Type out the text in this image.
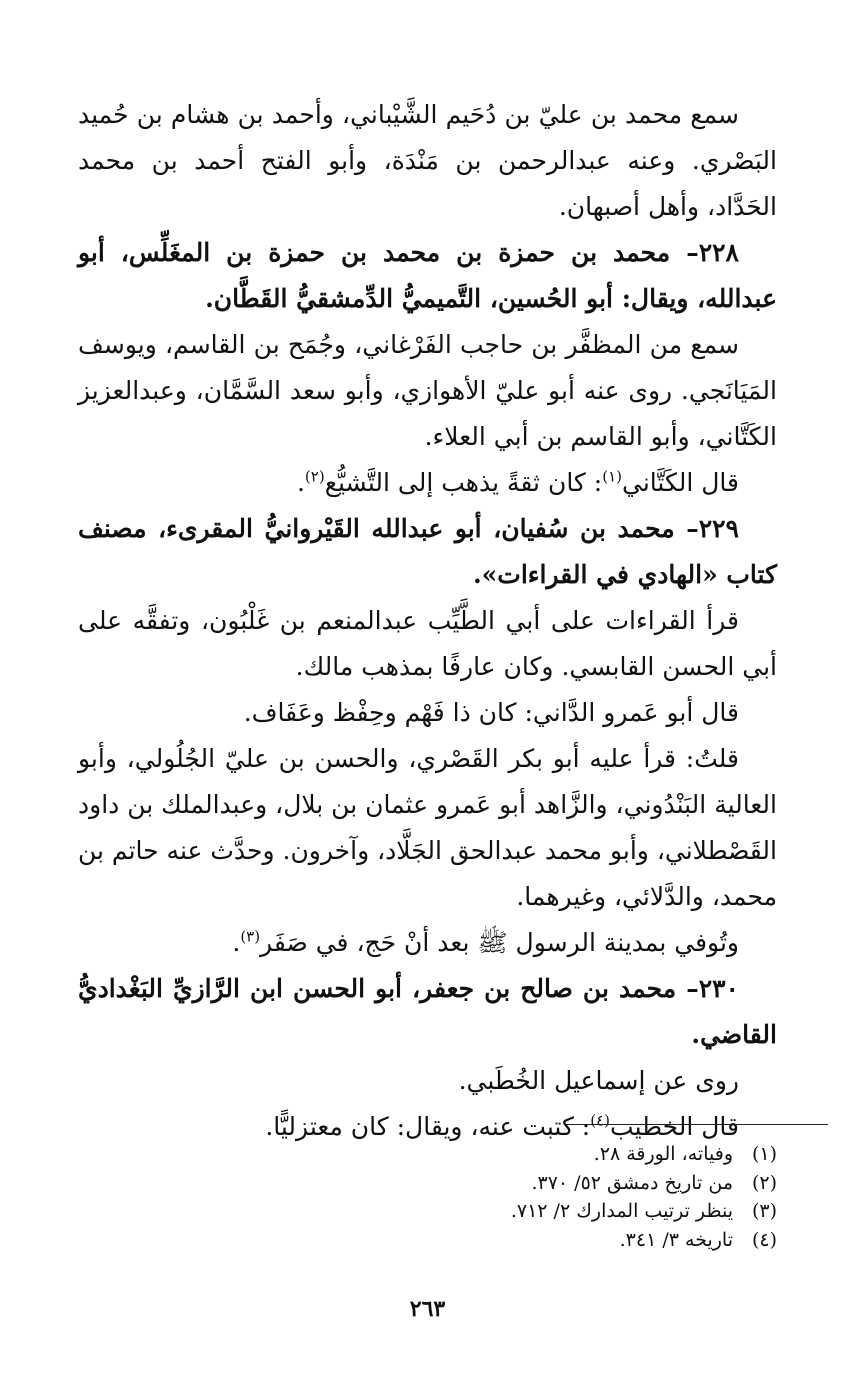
سمع محمد بن عليّ بن دُحَيم الشَّيْباني، وأحمد بن هشام بن حُميد البَصْري. وعنه عبدالرحمن بن مَنْدَة، وأبو الفتح أحمد بن محمد الحَدَّاد، وأهل أصبهان.

٢٢٨– محمد بن حمزة بن محمد بن حمزة بن المغَلِّس، أبو عبدالله، ويقال: أبو الحُسين، التَّميميُّ الدِّمشقيُّ القَطَّان.

سمع من المظفَّر بن حاجب الفَرْغاني، وجُمَح بن القاسم، ويوسف المَيَانَجي. روى عنه أبو عليّ الأهوازي، وأبو سعد السَّمَّان، وعبدالعزيز الكَتَّاني، وأبو القاسم بن أبي العلاء.

قال الكَتَّاني$^{(١)}$: كان ثقةً يذهب إلى التَّشيُّع$^{(٢)}$.

٢٢٩– محمد بن سُفيان، أبو عبدالله القَيْروانيُّ المقرىء، مصنف كتاب «الهادي في القراءات».

قرأ القراءات على أبي الطَّيِّب عبدالمنعم بن غَلْبُون، وتفقَّه على أبي الحسن القابسي. وكان عارفًا بمذهب مالك.

قال أبو عَمرو الدَّاني: كان ذا فَهْم وحِفْظ وعَفَاف.

قلتُ: قرأ عليه أبو بكر القَصْري، والحسن بن عليّ الجُلُولي، وأبو العالية البَنْدُوني، والزَّاهد أبو عَمرو عثمان بن بلال، وعبدالملك بن داود القَصْطلاني، وأبو محمد عبدالحق الجَلَّاد، وآخرون. وحدَّث عنه حاتم بن محمد، والدَّلائي، وغيرهما.

وتُوفي بمدينة الرسول ﷺ بعد أنْ حَج، في صَفَر$^{(٣)}$.

٢٣٠– محمد بن صالح بن جعفر، أبو الحسن ابن الرَّازيِّ البَغْداديُّ القاضي.

روى عن إسماعيل الخُطَبي.

قال الخطيب$^{(٤)}$: كتبت عنه، ويقال: كان معتزليًّا.

(١)
وفياته، الورقة ٢٨.

(٢)
من تاريخ دمشق ٥٢/ ٣٧٠.

(٣)
ينظر ترتيب المدارك ٢/ ٧١٢.

(٤)
تاريخه ٣/ ٣٤١.

٢٦٣
